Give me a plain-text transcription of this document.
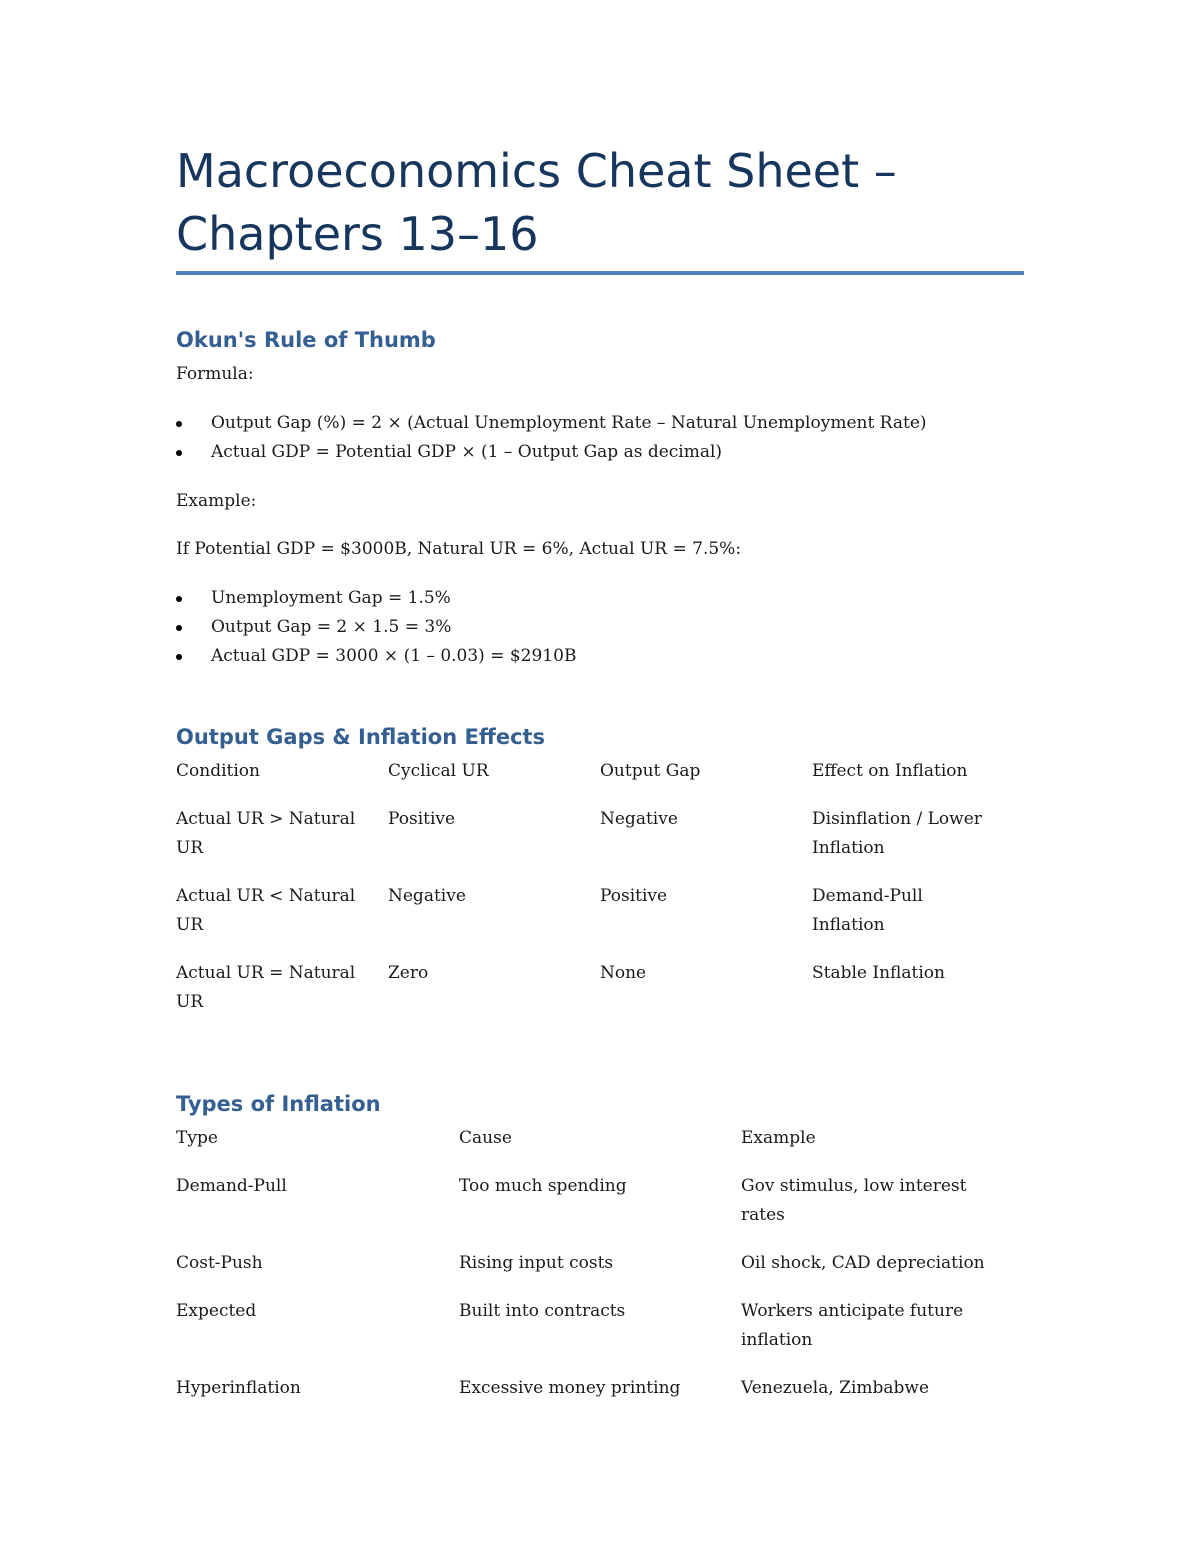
Macroeconomics Cheat Sheet – Chapters 13–16
Okun's Rule of Thumb

Formula:

Output Gap (%) = 2 × (Actual Unemployment Rate – Natural Unemployment Rate)
Actual GDP = Potential GDP × (1 – Output Gap as decimal)

Example:

If Potential GDP = $3000B, Natural UR = 6%, Actual UR = 7.5%:

Unemployment Gap = 1.5%
Output Gap = 2 × 1.5 = 3%
Actual GDP = 3000 × (1 – 0.03) = $2910B
Output Gaps & Inflation Effects
Condition	Cyclical UR	Output Gap	Effect on Inflation
Actual UR > Natural UR	Positive	Negative	Disinflation / Lower Inflation
Actual UR < Natural UR	Negative	Positive	Demand-Pull Inflation
Actual UR = Natural UR	Zero	None	Stable Inflation
Types of Inflation
Type	Cause	Example
Demand-Pull	Too much spending	Gov stimulus, low interest rates
Cost-Push	Rising input costs	Oil shock, CAD depreciation
Expected	Built into contracts	Workers anticipate future inflation
Hyperinflation	Excessive money printing	Venezuela, Zimbabwe
